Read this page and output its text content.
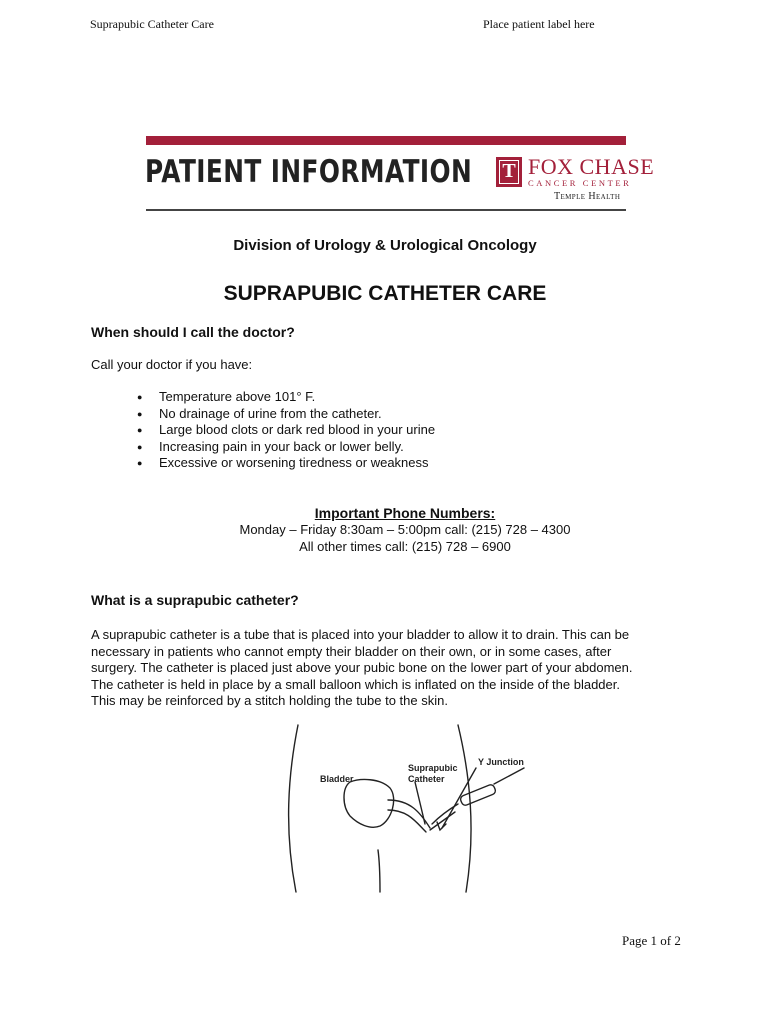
Suprapubic Catheter Care	Place patient label here
PATIENT INFORMATION	T FOX CHASE
CANCER CENTER
Temple Health
Division of Urology & Urological Oncology
SUPRAPUBIC CATHETER CARE
When should I call the doctor?
Call your doctor if you have:
● Temperature above 101° F.
● No drainage of urine from the catheter.
● Large blood clots or dark red blood in your urine
● Increasing pain in your back or lower belly.
● Excessive or worsening tiredness or weakness
Important Phone Numbers:
Monday – Friday 8:30am – 5:00pm call: (215) 728 – 4300
All other times call: (215) 728 – 6900
What is a suprapubic catheter?
A suprapubic catheter is a tube that is placed into your bladder to allow it to drain. This can be
necessary in patients who cannot empty their bladder on their own, or in some cases, after
surgery. The catheter is placed just above your pubic bone on the lower part of your abdomen.
The catheter is held in place by a small balloon which is inflated on the inside of the bladder.
This may be reinforced by a stitch holding the tube to the skin.
Bladder
Suprapubic
Catheter
Y Junction
Page 1 of 2
